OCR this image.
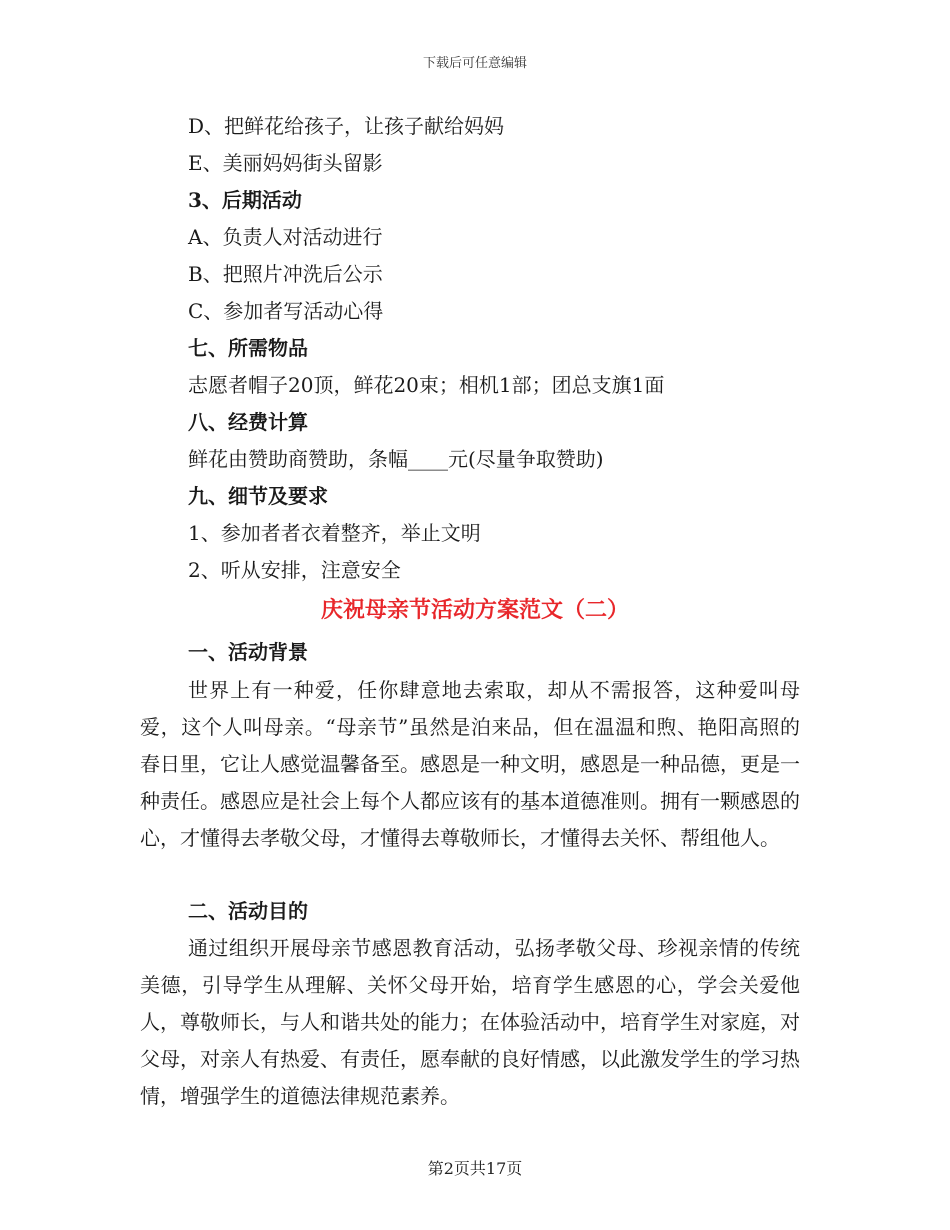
下载后可任意编辑
D、把鲜花给孩子，让孩子献给妈妈
E、美丽妈妈街头留影
3、后期活动
A、负责人对活动进行
B、把照片冲洗后公示
C、参加者写活动心得
七、所需物品
志愿者帽子20顶，鲜花20束；相机1部；团总支旗1面
八、经费计算
鲜花由赞助商赞助，条幅____元(尽量争取赞助)
九、细节及要求
1、参加者者衣着整齐，举止文明
2、听从安排，注意安全
庆祝母亲节活动方案范文（二）
一、活动背景
世界上有一种爱，任你肆意地去索取，却从不需报答，这种爱叫母爱，这个人叫母亲。“母亲节”虽然是泊来品，但在温温和煦、艳阳高照的春日里，它让人感觉温馨备至。感恩是一种文明，感恩是一种品德，更是一种责任。感恩应是社会上每个人都应该有的基本道德准则。拥有一颗感恩的心，才懂得去孝敬父母，才懂得去尊敬师长，才懂得去关怀、帮组他人。
二、活动目的
通过组织开展母亲节感恩教育活动，弘扬孝敬父母、珍视亲情的传统美德，引导学生从理解、关怀父母开始，培育学生感恩的心，学会关爱他人，尊敬师长，与人和谐共处的能力；在体验活动中，培育学生对家庭，对父母，对亲人有热爱、有责任，愿奉献的良好情感，以此激发学生的学习热情，增强学生的道德法律规范素养。
第2页共17页
